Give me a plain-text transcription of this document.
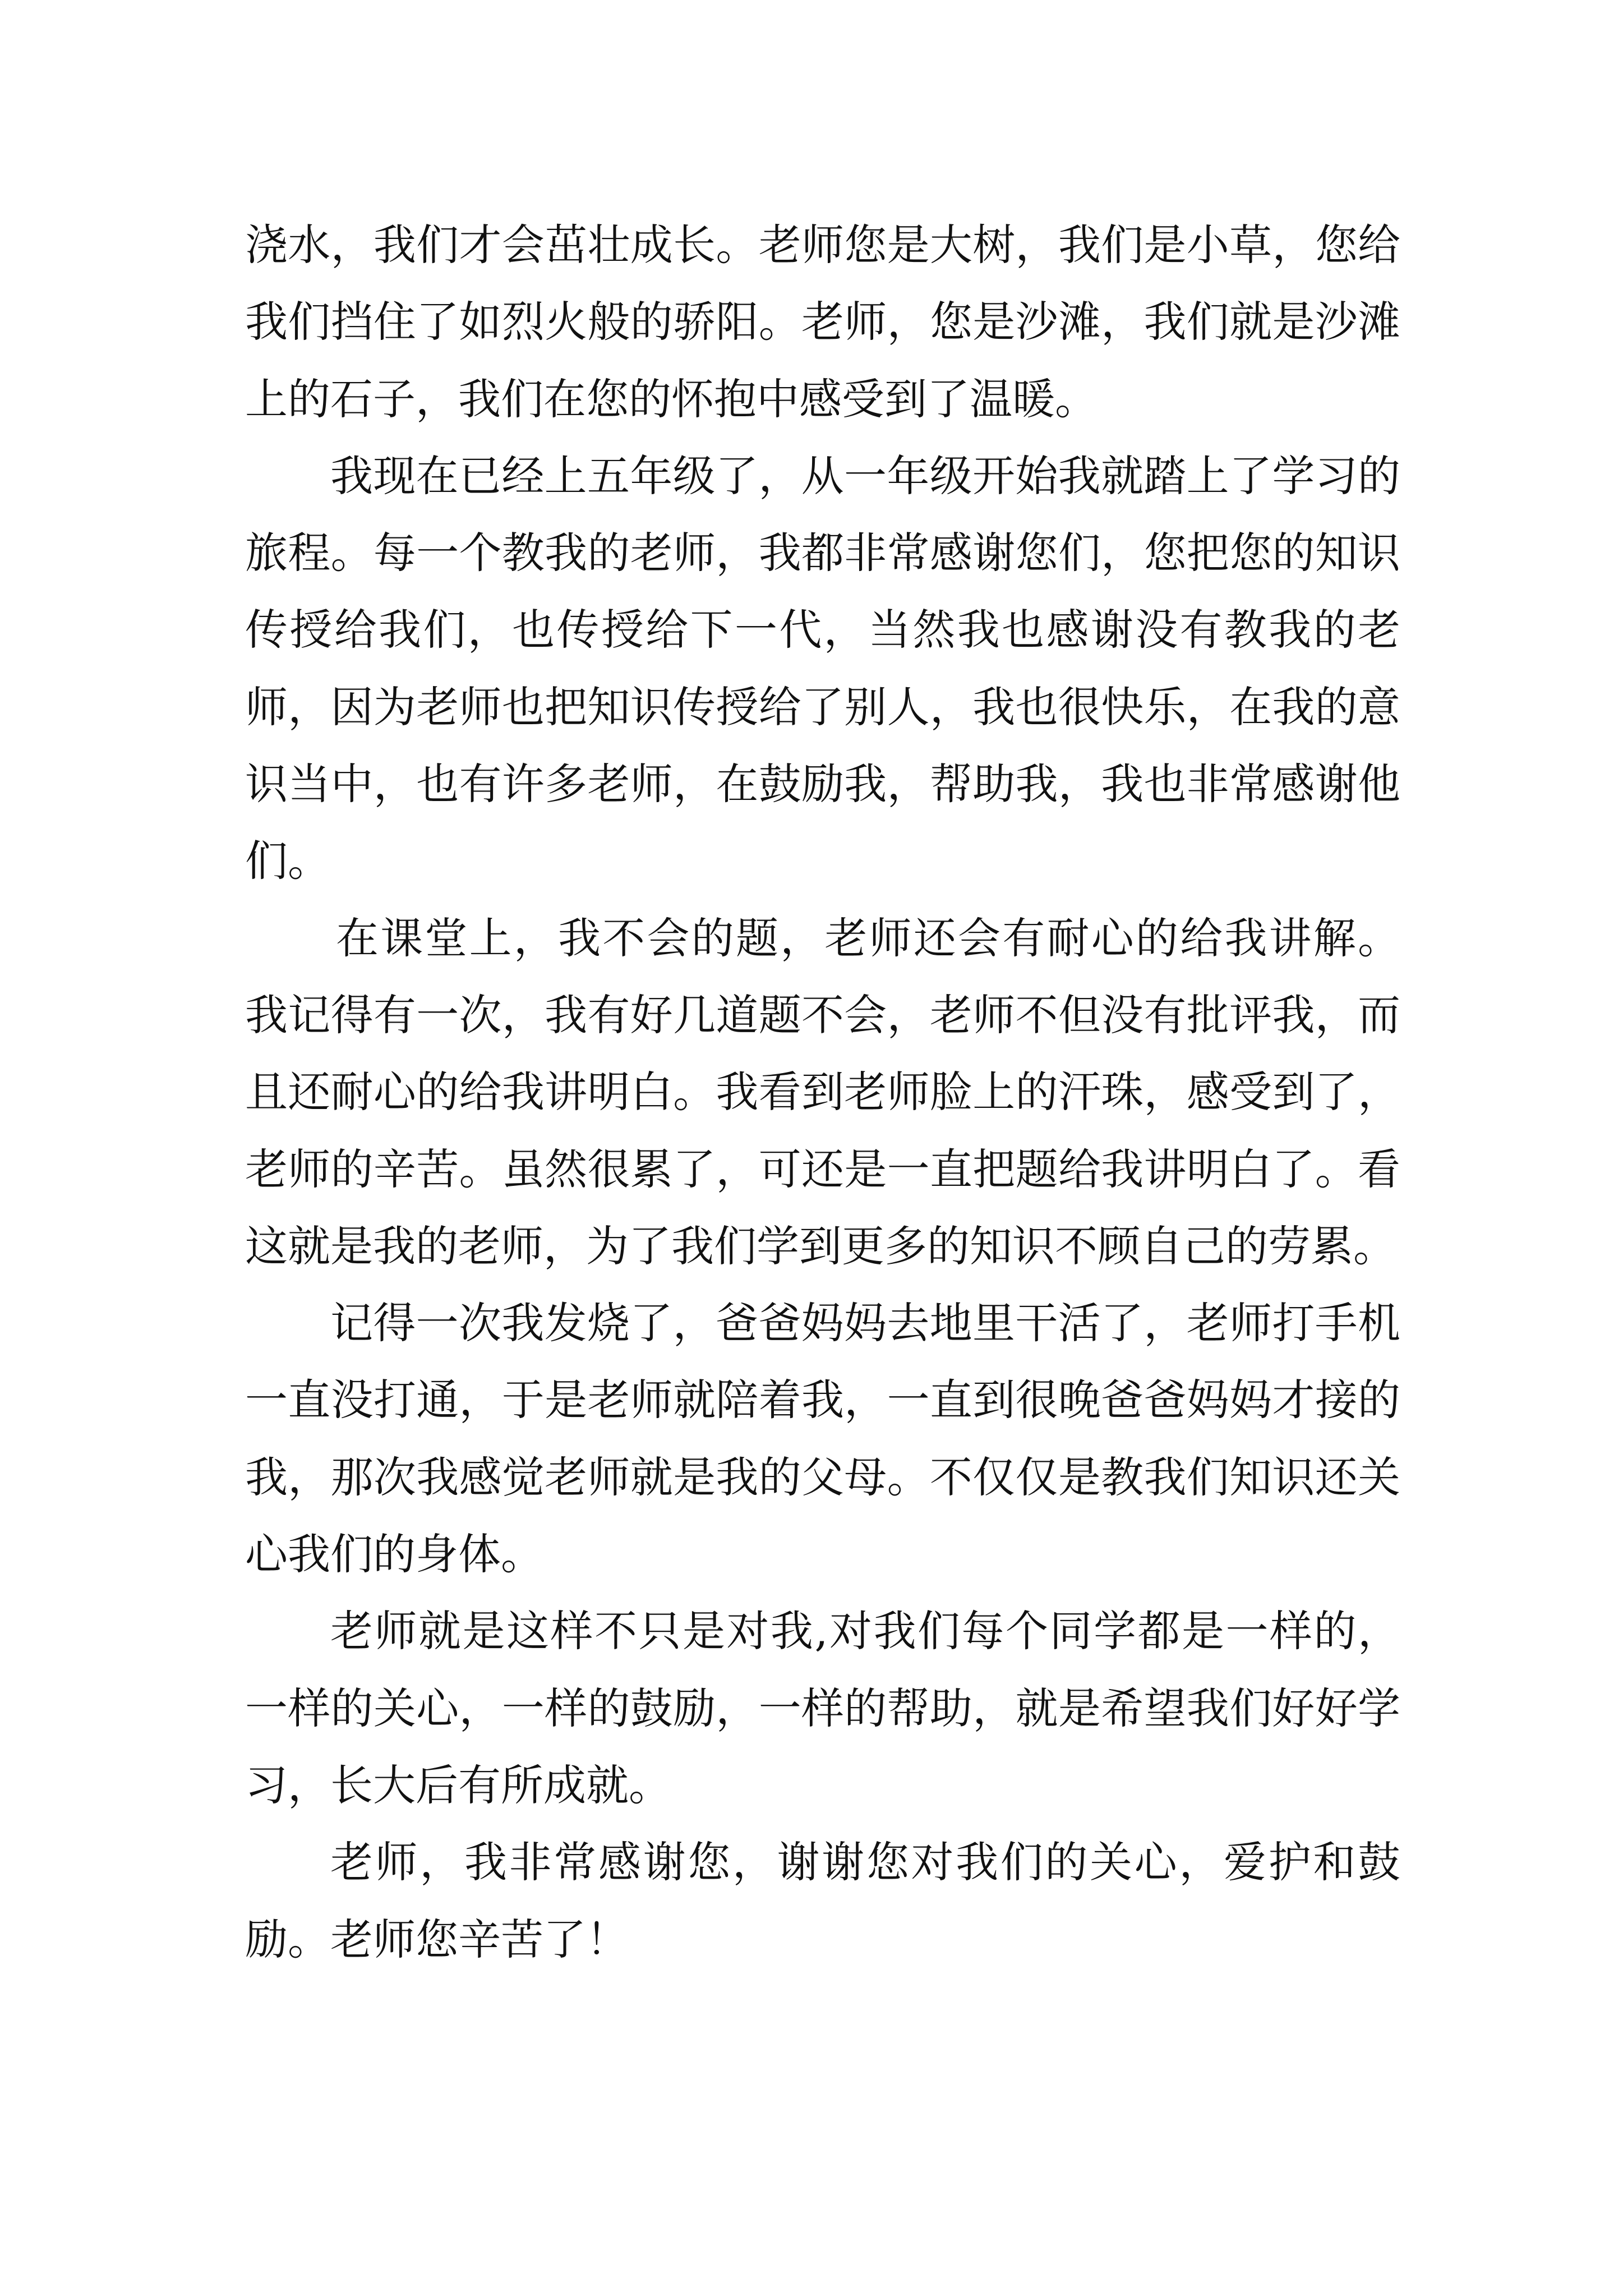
浇水，我们才会茁壮成长。老师您是大树，我们是小草，您给我们挡住了如烈火般的骄阳。老师，您是沙滩，我们就是沙滩上的石子，我们在您的怀抱中感受到了温暖。

我现在已经上五年级了，从一年级开始我就踏上了学习的旅程。每一个教我的老师，我都非常感谢您们，您把您的知识传授给我们，也传授给下一代，当然我也感谢没有教我的老师，因为老师也把知识传授给了别人，我也很快乐，在我的意识当中，也有许多老师，在鼓励我，帮助我，我也非常感谢他们。

在课堂上，我不会的题，老师还会有耐心的给我讲解。我记得有一次，我有好几道题不会，老师不但没有批评我，而且还耐心的给我讲明白。我看到老师脸上的汗珠，感受到了，老师的辛苦。虽然很累了，可还是一直把题给我讲明白了。看这就是我的老师，为了我们学到更多的知识不顾自己的劳累。

记得一次我发烧了，爸爸妈妈去地里干活了，老师打手机一直没打通，于是老师就陪着我，一直到很晚爸爸妈妈才接的我，那次我感觉老师就是我的父母。不仅仅是教我们知识还关心我们的身体。

老师就是这样不只是对我,对我们每个同学都是一样的，一样的关心，一样的鼓励，一样的帮助，就是希望我们好好学习，长大后有所成就。

老师，我非常感谢您，谢谢您对我们的关心，爱护和鼓励。老师您辛苦了！
